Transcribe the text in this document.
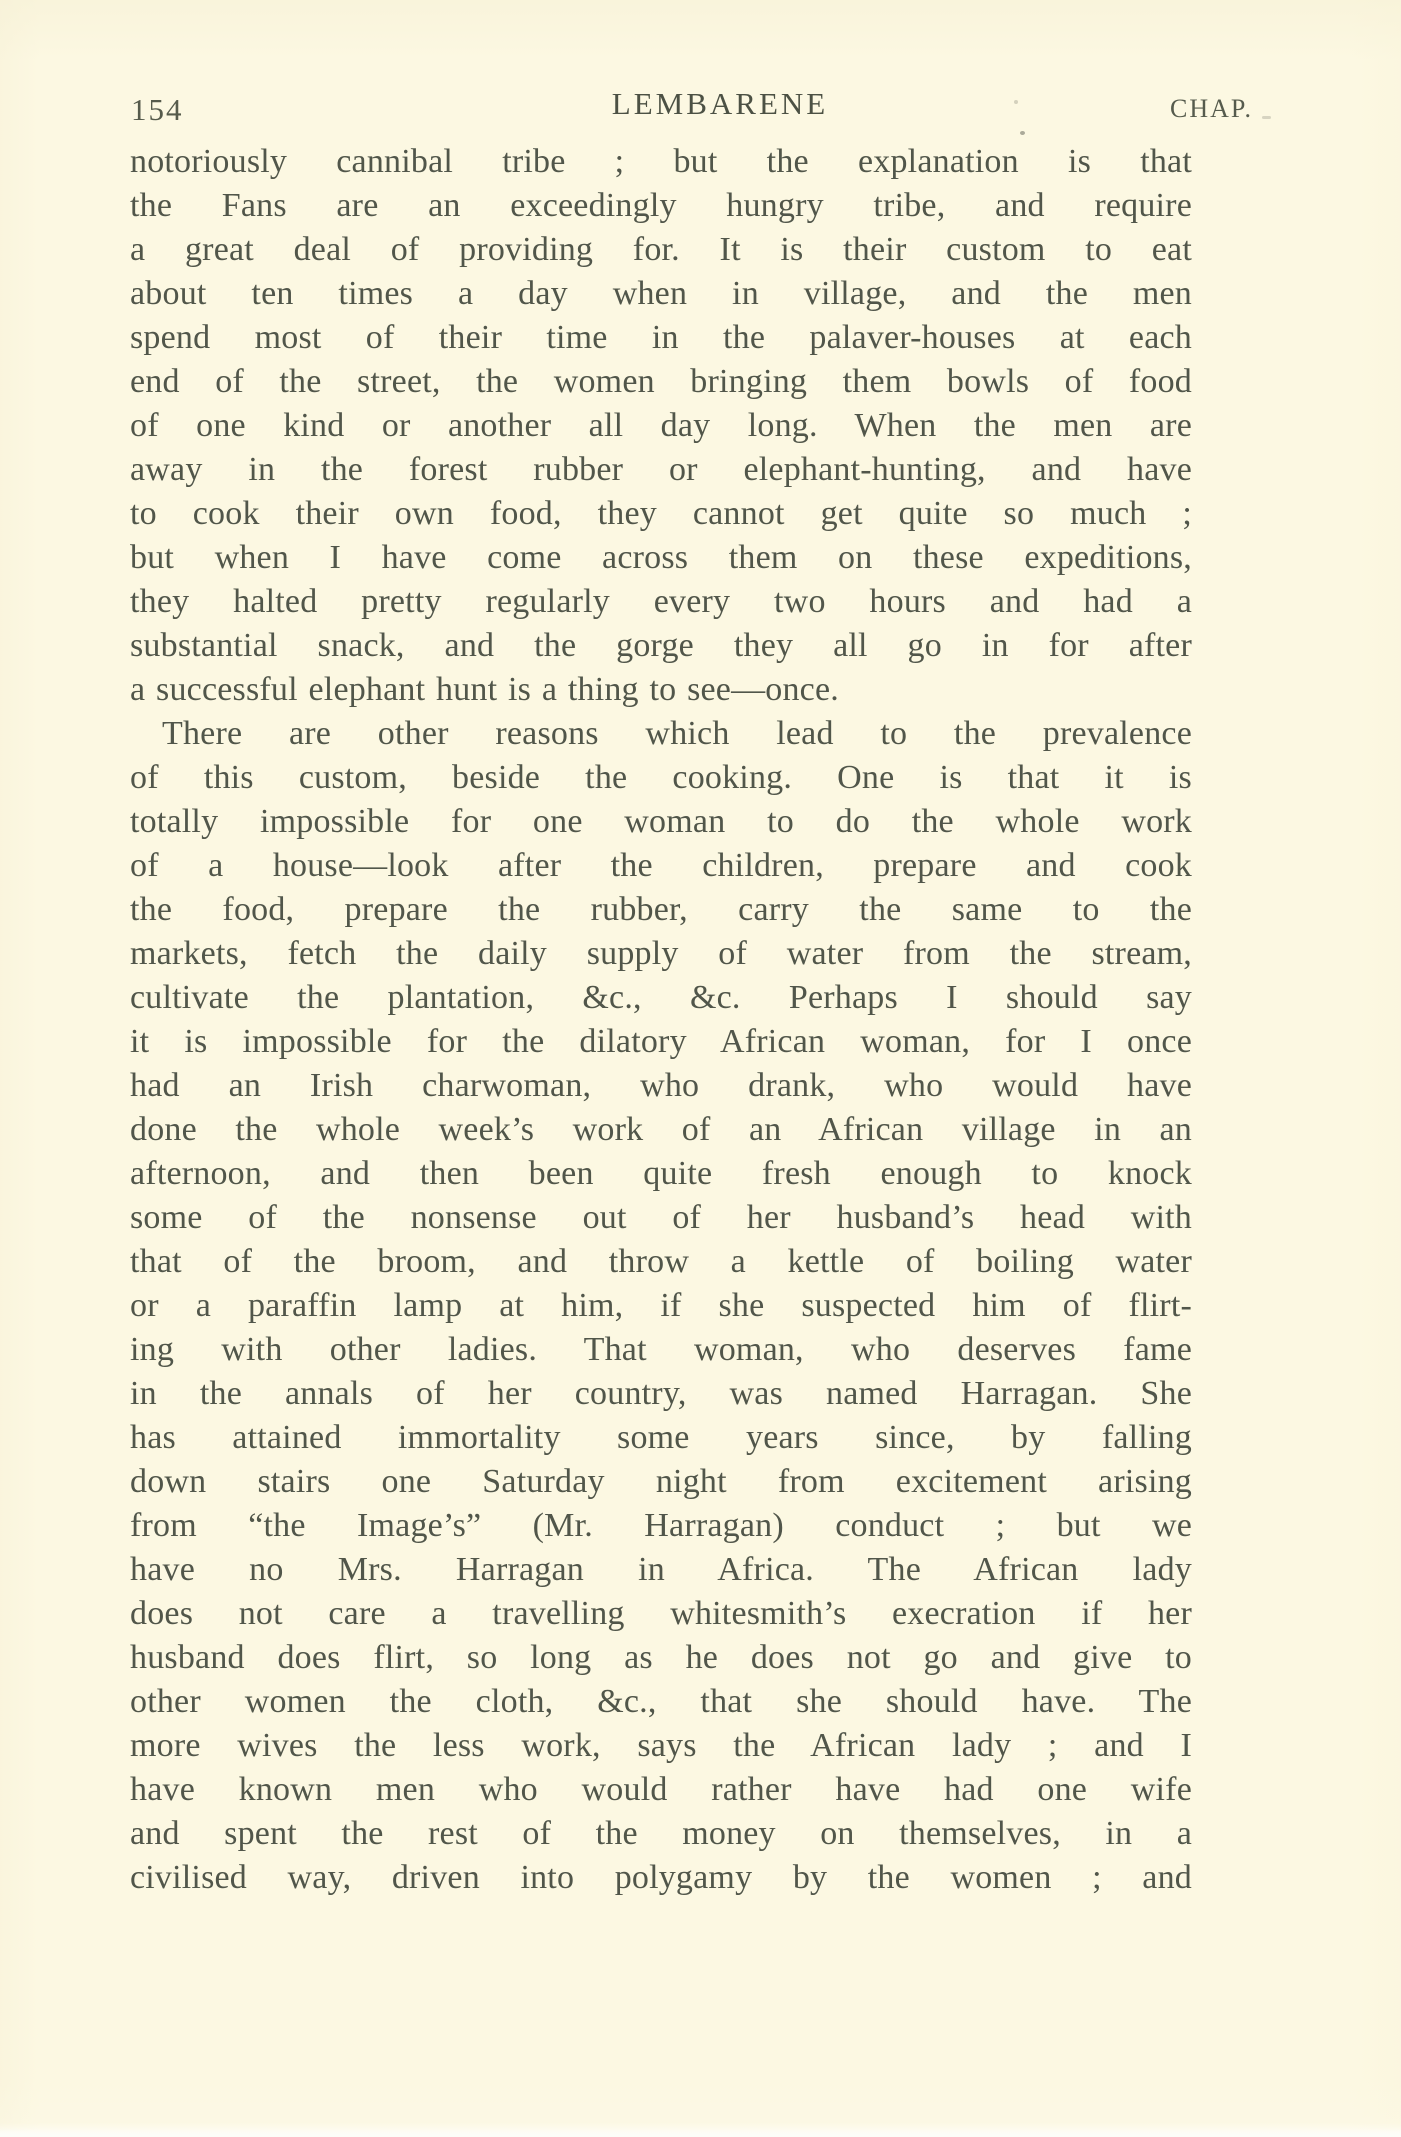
154	LEMBARENE	CHAP.
notoriously cannibal tribe ; but the explanation is that
the Fans are an exceedingly hungry tribe, and require
a great deal of providing for. It is their custom to eat
about ten times a day when in village, and the men
spend most of their time in the palaver-houses at each
end of the street, the women bringing them bowls of food
of one kind or another all day long. When the men are
away in the forest rubber or elephant-hunting, and have
to cook their own food, they cannot get quite so much ;
but when I have come across them on these expeditions,
they halted pretty regularly every two hours and had a
substantial snack, and the gorge they all go in for after
a successful elephant hunt is a thing to see—once.
There are other reasons which lead to the prevalence
of this custom, beside the cooking. One is that it is
totally impossible for one woman to do the whole work
of a house—look after the children, prepare and cook
the food, prepare the rubber, carry the same to the
markets, fetch the daily supply of water from the stream,
cultivate the plantation, &c., &c. Perhaps I should say
it is impossible for the dilatory African woman, for I once
had an Irish charwoman, who drank, who would have
done the whole week’s work of an African village in an
afternoon, and then been quite fresh enough to knock
some of the nonsense out of her husband’s head with
that of the broom, and throw a kettle of boiling water
or a paraffin lamp at him, if she suspected him of flirt-
ing with other ladies. That woman, who deserves fame
in the annals of her country, was named Harragan. She
has attained immortality some years since, by falling
down stairs one Saturday night from excitement arising
from “the Image’s” (Mr. Harragan) conduct ; but we
have no Mrs. Harragan in Africa. The African lady
does not care a travelling whitesmith’s execration if her
husband does flirt, so long as he does not go and give to
other women the cloth, &c., that she should have. The
more wives the less work, says the African lady ; and I
have known men who would rather have had one wife
and spent the rest of the money on themselves, in a
civilised way, driven into polygamy by the women ; and
